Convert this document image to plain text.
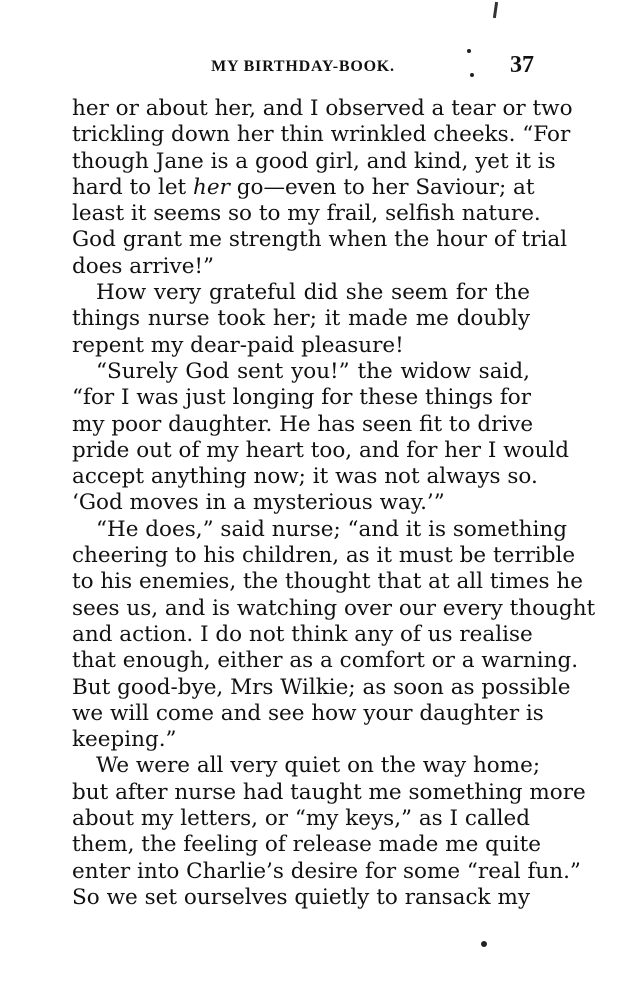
MY BIRTHDAY-BOOK.	37
her or about her, and I observed a tear or two
trickling down her thin wrinkled cheeks. “For
though Jane is a good girl, and kind, yet it is
hard to let her go—even to her Saviour; at
least it seems so to my frail, selfish nature.
God grant me strength when the hour of trial
does arrive!”
How very grateful did she seem for the
things nurse took her; it made me doubly
repent my dear-paid pleasure!
“Surely God sent you!” the widow said,
“for I was just longing for these things for
my poor daughter. He has seen fit to drive
pride out of my heart too, and for her I would
accept anything now; it was not always so.
‘God moves in a mysterious way.’”
“He does,” said nurse; “and it is something
cheering to his children, as it must be terrible
to his enemies, the thought that at all times he
sees us, and is watching over our every thought
and action. I do not think any of us realise
that enough, either as a comfort or a warning.
But good-bye, Mrs Wilkie; as soon as possible
we will come and see how your daughter is
keeping.”
We were all very quiet on the way home;
but after nurse had taught me something more
about my letters, or “my keys,” as I called
them, the feeling of release made me quite
enter into Charlie’s desire for some “real fun.”
So we set ourselves quietly to ransack my
